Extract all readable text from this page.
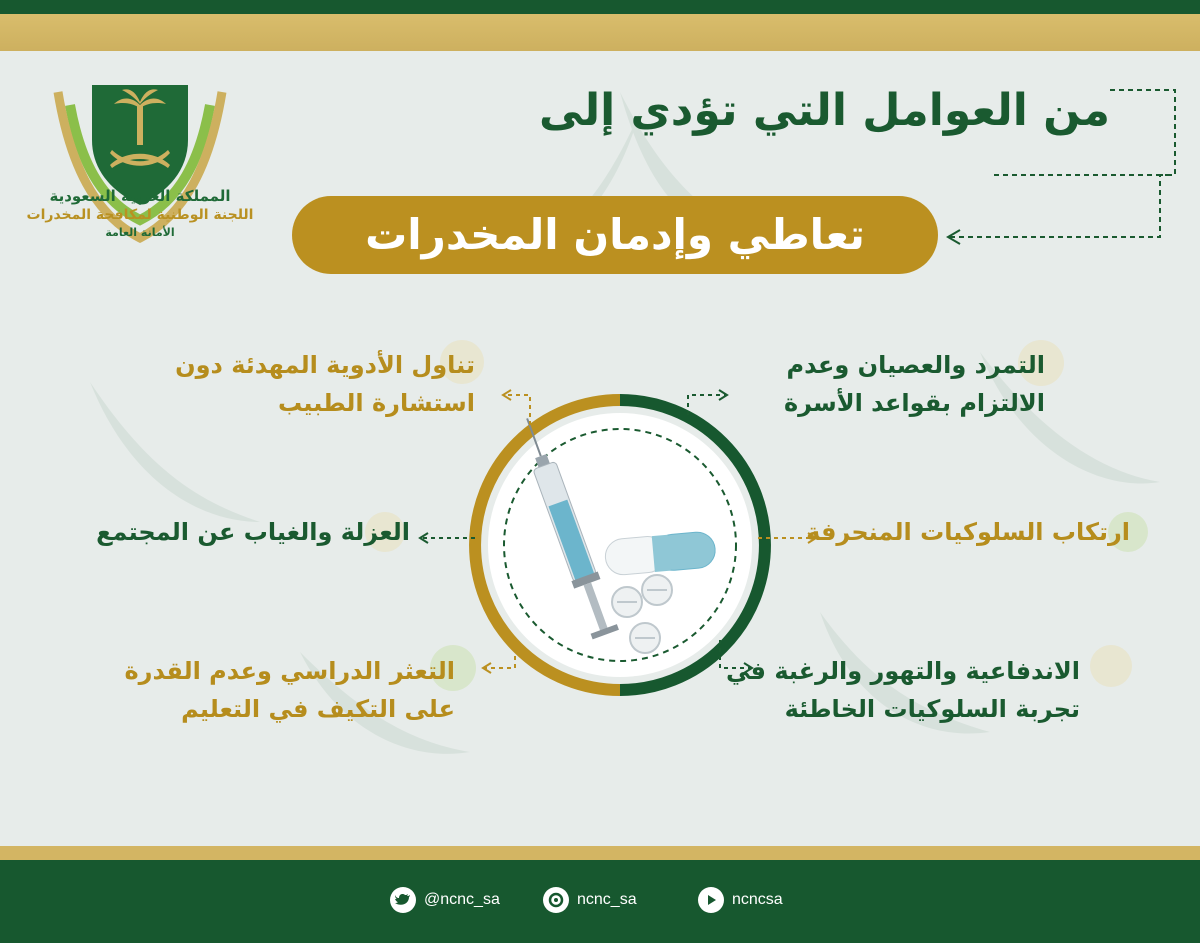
المملكة العربية السعودية
اللجنة الوطنية لمكافحة المخدرات
الأمانة العامة
من العوامل التي تؤدي إلى
تعاطي وإدمان المخدرات
تناول الأدوية المهدئة دون استشارة الطبيب
التمرد والعصيان وعدم الالتزام بقواعد الأسرة
العزلة والغياب عن المجتمع	ارتكاب السلوكيات المنحرفة
التعثر الدراسي وعدم القدرة على التكيف في التعليم
الاندفاعية والتهور والرغبة في تجربة السلوكيات الخاطئة
@ncnc_sa	ncnc_sa	ncncsa
